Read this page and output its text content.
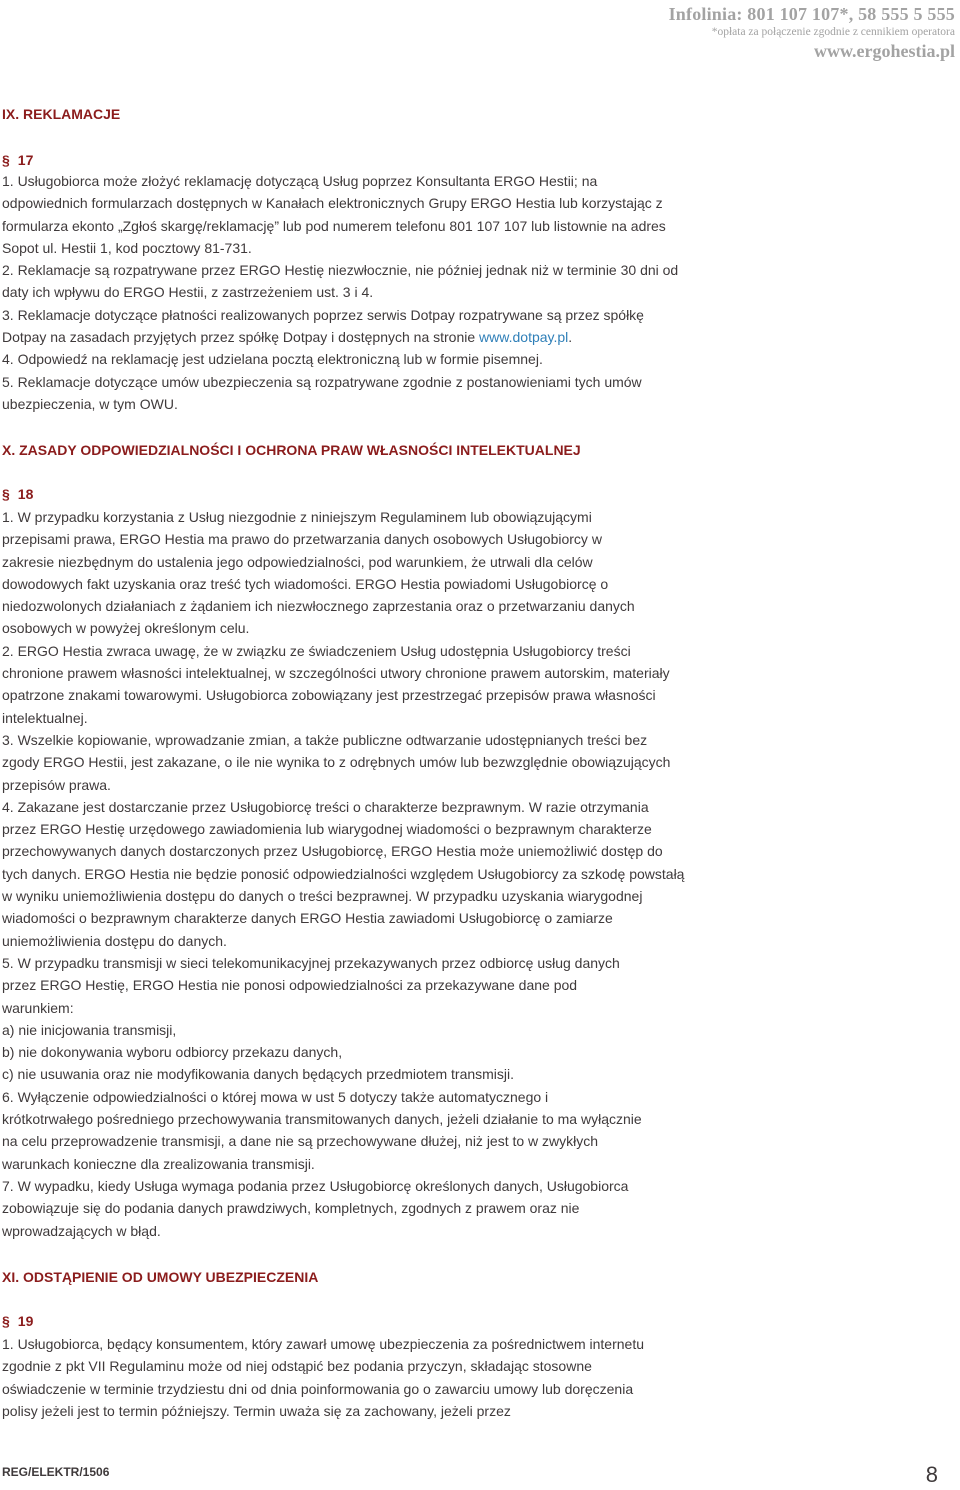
Infolinia: 801 107 107*, 58 555 5 555
*opłata za połączenie zgodnie z cennikiem operatora
www.ergohestia.pl
IX. REKLAMACJE
§ 17

1. Usługobiorca może złożyć reklamację dotyczącą Usług poprzez Konsultanta ERGO Hestii; na odpowiednich formularzach dostępnych w Kanałach elektronicznych Grupy ERGO Hestia lub korzystając z formularza ekonto „Zgłoś skargę/reklamację” lub pod numerem telefonu 801 107 107 lub listownie na adres Sopot ul. Hestii 1, kod pocztowy 81-731.

2. Reklamacje są rozpatrywane przez ERGO Hestię niezwłocznie, nie później jednak niż w terminie 30 dni od daty ich wpływu do ERGO Hestii, z zastrzeżeniem ust. 3 i 4.

3. Reklamacje dotyczące płatności realizowanych poprzez serwis Dotpay rozpatrywane są przez spółkę Dotpay na zasadach przyjętych przez spółkę Dotpay i dostępnych na stronie www.dotpay.pl.

4. Odpowiedź na reklamację jest udzielana pocztą elektroniczną lub w formie pisemnej.

5. Reklamacje dotyczące umów ubezpieczenia są rozpatrywane zgodnie z postanowieniami tych umów ubezpieczenia, w tym OWU.

X. ZASADY ODPOWIEDZIALNOŚCI I OCHRONA PRAW WŁASNOŚCI INTELEKTUALNEJ
§ 18

1. W przypadku korzystania z Usług niezgodnie z niniejszym Regulaminem lub obowiązującymi przepisami prawa, ERGO Hestia ma prawo do przetwarzania danych osobowych Usługobiorcy w zakresie niezbędnym do ustalenia jego odpowiedzialności, pod warunkiem, że utrwali dla celów dowodowych fakt uzyskania oraz treść tych wiadomości. ERGO Hestia powiadomi Usługobiorcę o niedozwolonych działaniach z żądaniem ich niezwłocznego zaprzestania oraz o przetwarzaniu danych osobowych w powyżej określonym celu.

2. ERGO Hestia zwraca uwagę, że w związku ze świadczeniem Usług udostępnia Usługobiorcy treści chronione prawem własności intelektualnej, w szczególności utwory chronione prawem autorskim, materiały opatrzone znakami towarowymi. Usługobiorca zobowiązany jest przestrzegać przepisów prawa własności intelektualnej.

3. Wszelkie kopiowanie, wprowadzanie zmian, a także publiczne odtwarzanie udostępnianych treści bez zgody ERGO Hestii, jest zakazane, o ile nie wynika to z odrębnych umów lub bezwzględnie obowiązujących przepisów prawa.

4. Zakazane jest dostarczanie przez Usługobiorcę treści o charakterze bezprawnym. W razie otrzymania przez ERGO Hestię urzędowego zawiadomienia lub wiarygodnej wiadomości o bezprawnym charakterze przechowywanych danych dostarczonych przez Usługobiorcę, ERGO Hestia może uniemożliwić dostęp do tych danych. ERGO Hestia nie będzie ponosić odpowiedzialności względem Usługobiorcy za szkodę powstałą w wyniku uniemożliwienia dostępu do danych o treści bezprawnej. W przypadku uzyskania wiarygodnej wiadomości o bezprawnym charakterze danych ERGO Hestia zawiadomi Usługobiorcę o zamiarze uniemożliwienia dostępu do danych.

5. W przypadku transmisji w sieci telekomunikacyjnej przekazywanych przez odbiorcę usług danych przez ERGO Hestię, ERGO Hestia nie ponosi odpowiedzialności za przekazywane dane pod warunkiem:

a) nie inicjowania transmisji,

b) nie dokonywania wyboru odbiorcy przekazu danych,

c) nie usuwania oraz nie modyfikowania danych będących przedmiotem transmisji.

6. Wyłączenie odpowiedzialności o której mowa w ust 5 dotyczy także automatycznego i krótkotrwałego pośredniego przechowywania transmitowanych danych, jeżeli działanie to ma wyłącznie na celu przeprowadzenie transmisji, a dane nie są przechowywane dłużej, niż jest to w zwykłych warunkach konieczne dla zrealizowania transmisji.

7. W wypadku, kiedy Usługa wymaga podania przez Usługobiorcę określonych danych, Usługobiorca zobowiązuje się do podania danych prawdziwych, kompletnych, zgodnych z prawem oraz nie wprowadzających w błąd.

XI. ODSTĄPIENIE OD UMOWY UBEZPIECZENIA
§ 19

1. Usługobiorca, będący konsumentem, który zawarł umowę ubezpieczenia za pośrednictwem internetu zgodnie z pkt VII Regulaminu może od niej odstąpić bez podania przyczyn, składając stosowne oświadczenie w terminie trzydziestu dni od dnia poinformowania go o zawarciu umowy lub doręczenia polisy jeżeli jest to termin późniejszy. Termin uważa się za zachowany, jeżeli przez

REG/ELEKTR/1506	8
